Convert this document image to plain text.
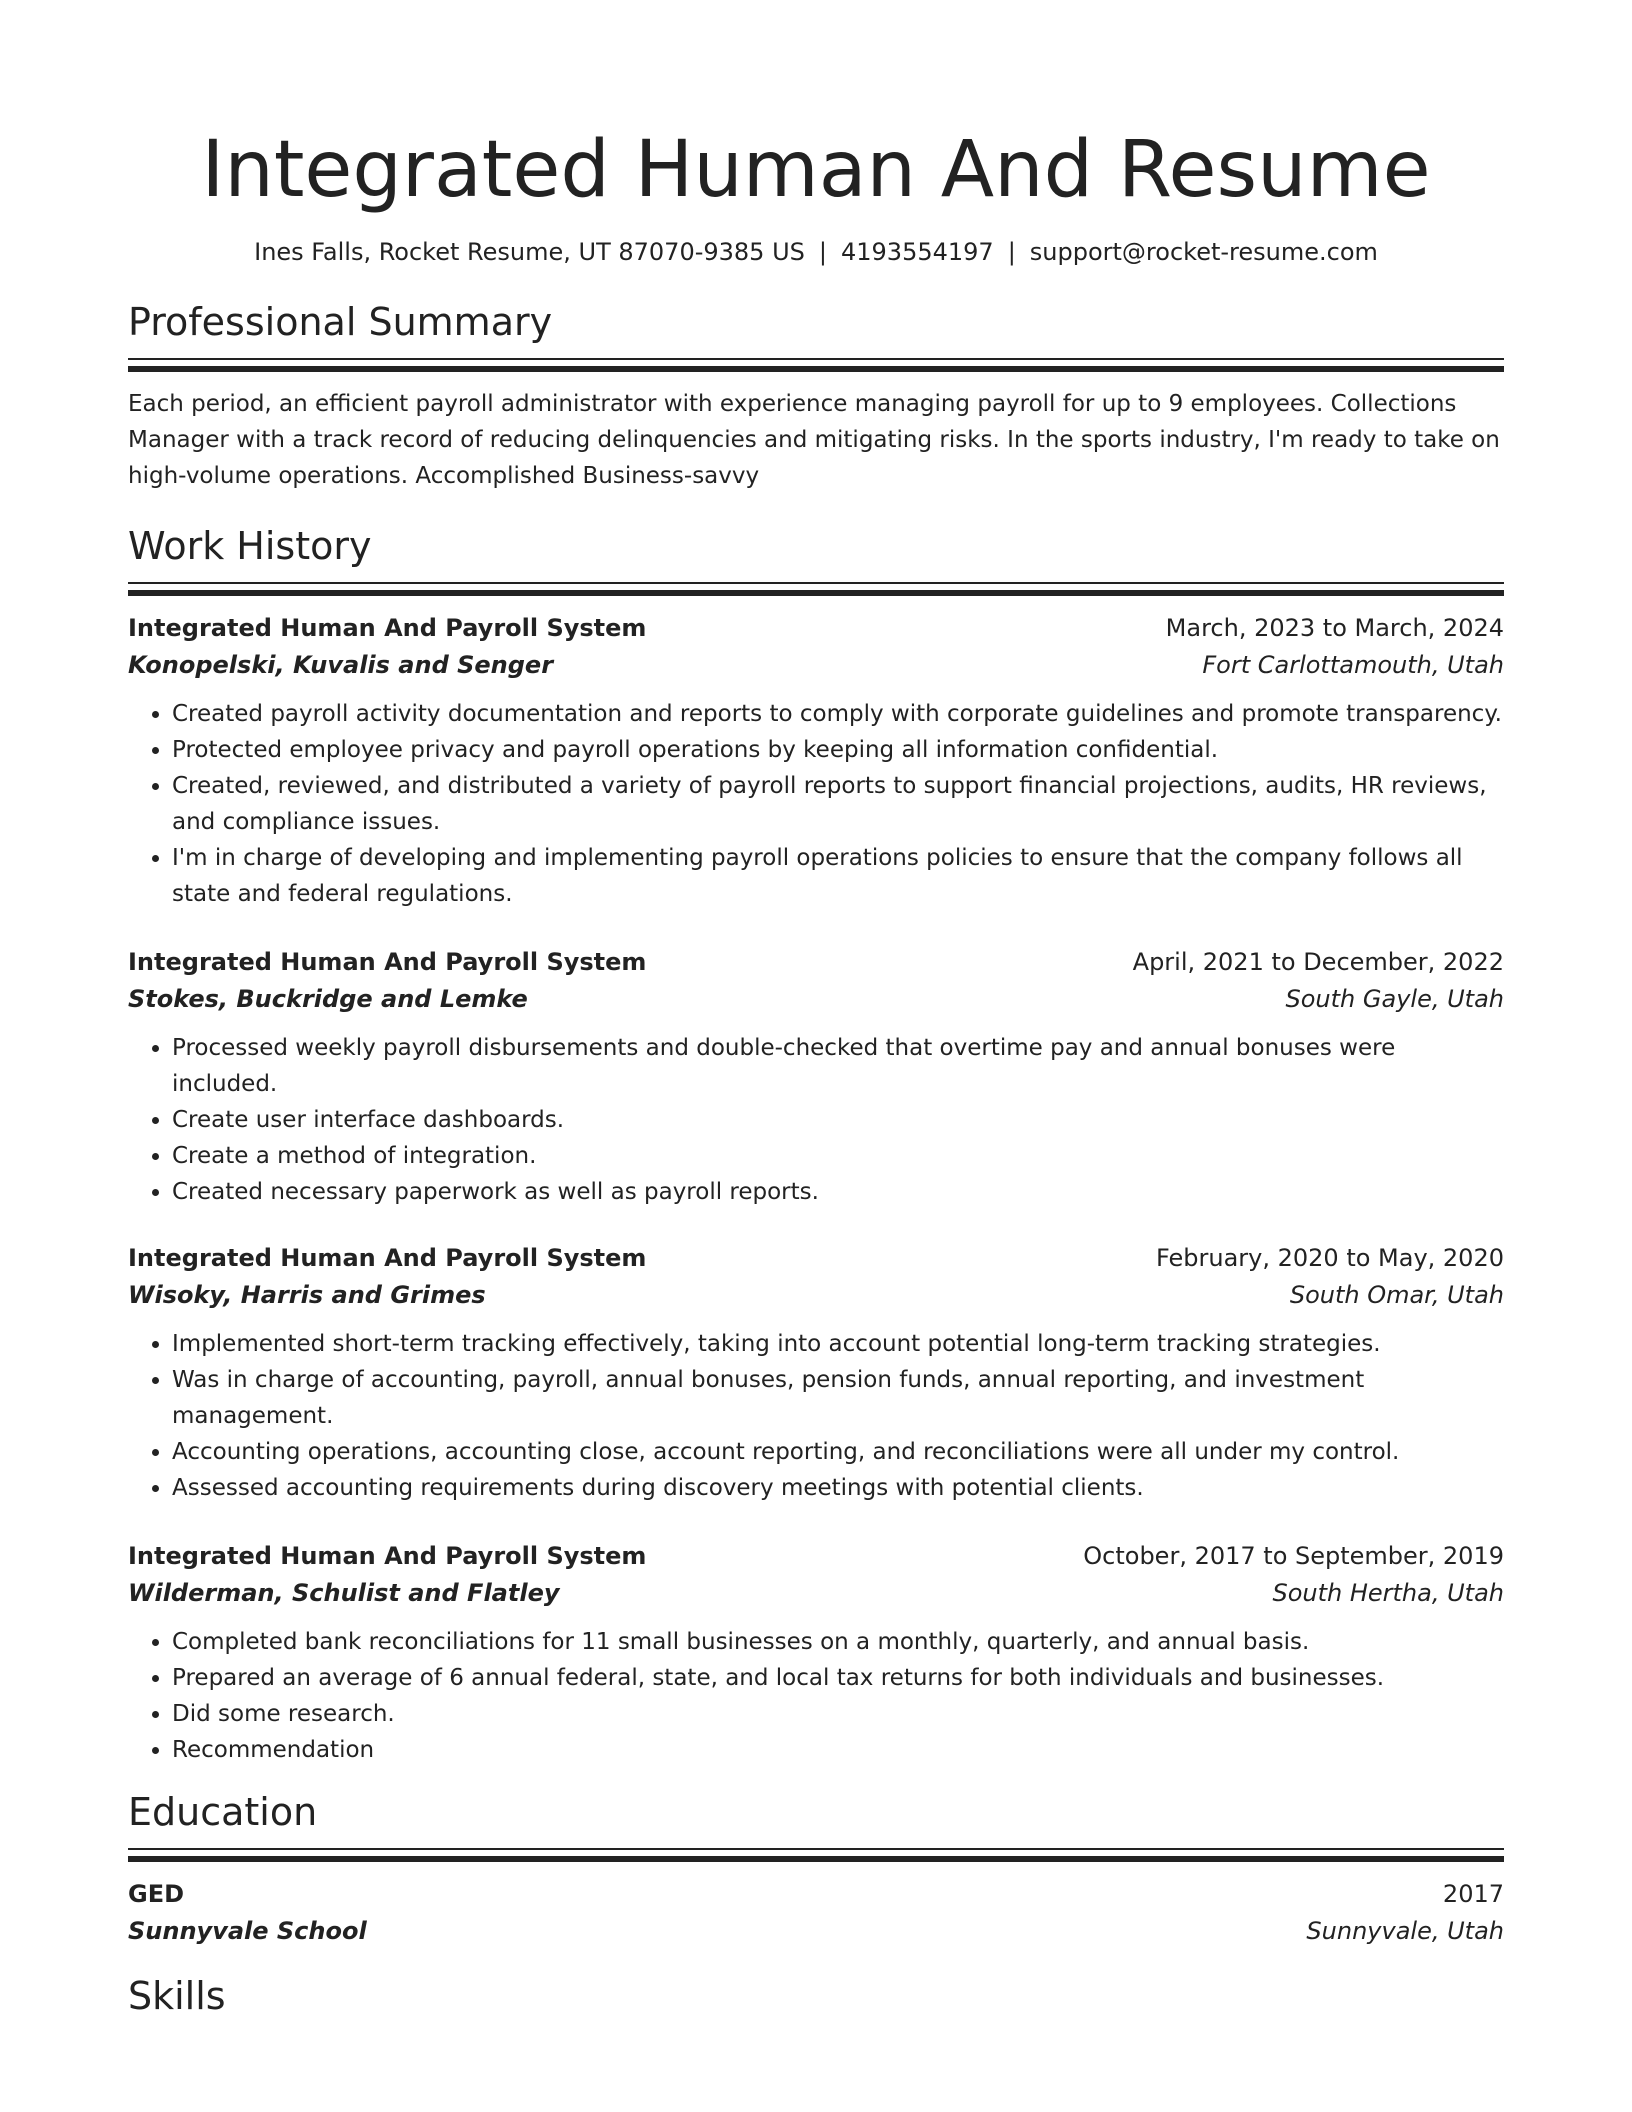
Integrated Human And Resume
Ines Falls, Rocket Resume, UT 87070-9385 US | 4193554197 | support@rocket-resume.com
Professional Summary
Each period, an efficient payroll administrator with experience managing payroll for up to 9 employees. Collections Manager with a track record of reducing delinquencies and mitigating risks. In the sports industry, I'm ready to take on high-volume operations. Accomplished Business-savvy
Work History
Integrated Human And Payroll System	March, 2023 to March, 2024
Konopelski, Kuvalis and Senger	Fort Carlottamouth, Utah
• Created payroll activity documentation and reports to comply with corporate guidelines and promote transparency.
• Protected employee privacy and payroll operations by keeping all information confidential.
• Created, reviewed, and distributed a variety of payroll reports to support financial projections, audits, HR reviews, and compliance issues.
• I'm in charge of developing and implementing payroll operations policies to ensure that the company follows all state and federal regulations.
Integrated Human And Payroll System	April, 2021 to December, 2022
Stokes, Buckridge and Lemke	South Gayle, Utah
• Processed weekly payroll disbursements and double-checked that overtime pay and annual bonuses were included.
• Create user interface dashboards.
• Create a method of integration.
• Created necessary paperwork as well as payroll reports.
Integrated Human And Payroll System	February, 2020 to May, 2020
Wisoky, Harris and Grimes	South Omar, Utah
• Implemented short-term tracking effectively, taking into account potential long-term tracking strategies.
• Was in charge of accounting, payroll, annual bonuses, pension funds, annual reporting, and investment management.
• Accounting operations, accounting close, account reporting, and reconciliations were all under my control.
• Assessed accounting requirements during discovery meetings with potential clients.
Integrated Human And Payroll System	October, 2017 to September, 2019
Wilderman, Schulist and Flatley	South Hertha, Utah
• Completed bank reconciliations for 11 small businesses on a monthly, quarterly, and annual basis.
• Prepared an average of 6 annual federal, state, and local tax returns for both individuals and businesses.
• Did some research.
• Recommendation
Education
GED	2017
Sunnyvale School	Sunnyvale, Utah
Skills
